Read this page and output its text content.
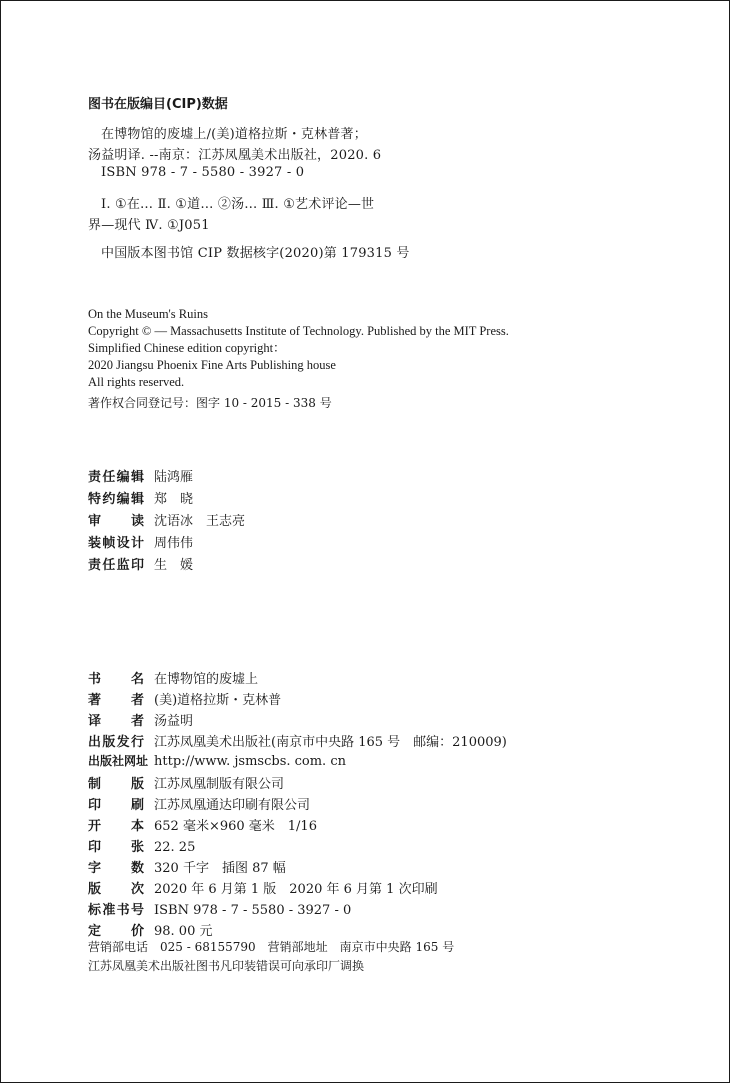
图书在版编目(CIP)数据
在博物馆的废墟上/(美)道格拉斯・克林普著；
汤益明译. --南京：江苏凤凰美术出版社，2020. 6
ISBN 978 - 7 - 5580 - 3927 - 0
Ⅰ. ①在… Ⅱ. ①道… ②汤… Ⅲ. ①艺术评论—世
界—现代 Ⅳ. ①J051
中国版本图书馆 CIP 数据核字(2020)第 179315 号
On the Museum's Ruins
Copyright © — Massachusetts Institute of Technology. Published by the MIT Press.
Simplified Chinese edition copyright：
2020 Jiangsu Phoenix Fine Arts Publishing house
All rights reserved.
著作权合同登记号：图字 10 - 2015 - 338 号
责任编辑 陆鸿雁
特约编辑 郑　晓
审读 沈语冰　王志亮
装帧设计 周伟伟
责任监印 生　媛
书名 在博物馆的废墟上
著者 (美)道格拉斯・克林普
译者 汤益明
出版发行 江苏凤凰美术出版社(南京市中央路 165 号　邮编：210009)
出版社网址 http://www. jsmscbs. com. cn
制版 江苏凤凰制版有限公司
印刷 江苏凤凰通达印刷有限公司
开本 652 毫米×960 毫米　1/16
印张 22. 25
字数 320 千字　插图 87 幅
版次 2020 年 6 月第 1 版　2020 年 6 月第 1 次印刷
标准书号 ISBN 978 - 7 - 5580 - 3927 - 0
定价 98. 00 元
营销部电话　025 - 68155790　营销部地址　南京市中央路 165 号
江苏凤凰美术出版社图书凡印装错误可向承印厂调换
